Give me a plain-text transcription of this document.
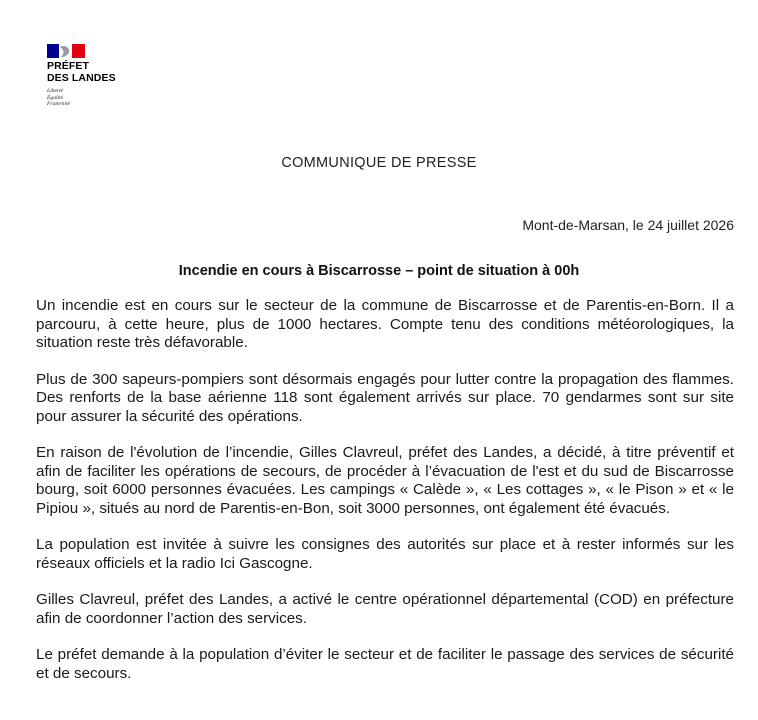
PRÉFET
DES LANDES
Liberté
Égalité
Fraternité
COMMUNIQUE DE PRESSE
Mont-de-Marsan, le 24 juillet 2026
Incendie en cours à Biscarrosse – point de situation à 00h

Un incendie est en cours sur le secteur de la commune de Biscarrosse et de Parentis-en-Born. Il a parcouru, à cette heure, plus de 1000 hectares. Compte tenu des conditions météorologiques, la situation reste très défavorable.

Plus de 300 sapeurs-pompiers sont désormais engagés pour lutter contre la propagation des flammes. Des renforts de la base aérienne 118 sont également arrivés sur place. 70 gendarmes sont sur site pour assurer la sécurité des opérations.

En raison de l'évolution de l’incendie, Gilles Clavreul, préfet des Landes, a décidé, à titre préventif et afin de faciliter les opérations de secours, de procéder à l’évacuation de l'est et du sud de Biscarrosse bourg, soit 6000 personnes évacuées. Les campings « Calède », « Les cottages », « le Pison » et « le Pipiou », situés au nord de Parentis-en-Bon, soit 3000 personnes, ont également été évacués.

La population est invitée à suivre les consignes des autorités sur place et à rester informés sur les réseaux officiels et la radio Ici Gascogne.

Gilles Clavreul, préfet des Landes, a activé le centre opérationnel départemental (COD) en préfecture afin de coordonner l’action des services.

Le préfet demande à la population d’éviter le secteur et de faciliter le passage des services de sécurité et de secours.
